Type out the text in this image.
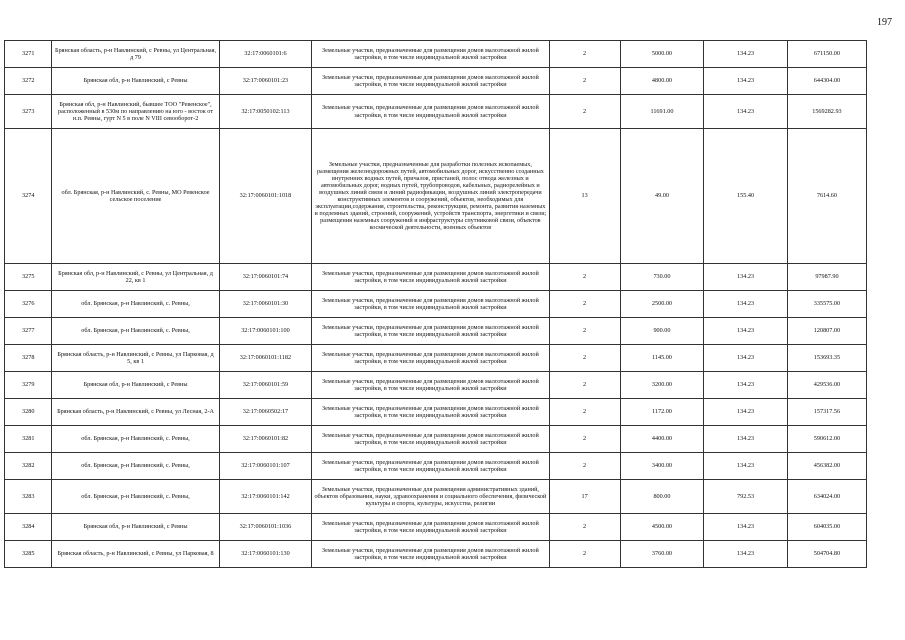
197
3271	Брянская область, р-н Навлинский, с Ревны, ул Центральная, д 79	32:17:0060101:6	Земельные участки, предназначенные для размещения домов малоэтажной жилой застройки, в том числе индивидуальной жилой застройки	2	5000.00	134.23	671150.00
3272	Брянская обл, р-н Навлинский, с Ревны	32:17:0060101:23	Земельные участки, предназначенные для размещения домов малоэтажной жилой застройки, в том числе индивидуальной жилой застройки	2	4800.00	134.23	644304.00
3273	Брянская обл, р-н Навлинский, бывшее ТОО "Ревенское", расположенный в 530м по направлению на юго - восток от н.п. Ревны, гурт N 5 в поле N VIII севооборот-2	32:17:0050102:113	Земельные участки, предназначенные для размещения домов малоэтажной жилой застройки, в том числе индивидуальной жилой застройки	2	11691.00	134.23	1569282.93
3274	обл. Брянская, р-н Навлинский, с. Ревны, МО Ревенское сельское поселение	32:17:0060101:1018	Земельные участки, предназначенные для разработки полезных ископаемых, размещения железнодорожных путей, автомобильных дорог, искусственно созданных внутренних водных путей, причалов, пристаней, полос отвода железных и автомобильных дорог, водных путей, трубопроводов, кабельных, радиорелейных и воздушных линий связи и линий радиофикации, воздушных линий электропередачи конструктивных элементов и сооружений, объектов, необходимых для эксплуатации,содержания, строительства, реконструкции, ремонта, развития наземных и подземных зданий, строений, сооружений, устройств транспорта, энергетики и связи; размещения наземных сооружений и инфраструктуры спутниковой связи, объектов космической деятельности, военных объектов	13	49.00	155.40	7614.60
3275	Брянская обл, р-н Навлинский, с Ревны, ул Центральная, д 22, кв 1	32:17:0060101:74	Земельные участки, предназначенные для размещения домов малоэтажной жилой застройки, в том числе индивидуальной жилой застройки	2	730.00	134.23	97987.90
3276	обл. Брянская, р-н Навлинский, с. Ревны,	32:17:0060101:30	Земельные участки, предназначенные для размещения домов малоэтажной жилой застройки, в том числе индивидуальной жилой застройки	2	2500.00	134.23	335575.00
3277	обл. Брянская, р-н Навлинский, с. Ревны,	32:17:0060101:100	Земельные участки, предназначенные для размещения домов малоэтажной жилой застройки, в том числе индивидуальной жилой застройки	2	900.00	134.23	120807.00
3278	Брянская область, р-н Навлинский, с Ревны, ул Парковая, д 5, кв 1	32:17:0060101:1182	Земельные участки, предназначенные для размещения домов малоэтажной жилой застройки, в том числе индивидуальной жилой застройки	2	1145.00	134.23	153693.35
3279	Брянская обл, р-н Навлинский, с Ревны	32:17:0060101:59	Земельные участки, предназначенные для размещения домов малоэтажной жилой застройки, в том числе индивидуальной жилой застройки	2	3200.00	134.23	429536.00
3280	Брянская область, р-н Навлинский, с Ревны, ул Лесная, 2-А	32:17:0060502:17	Земельные участки, предназначенные для размещения домов малоэтажной жилой застройки, в том числе индивидуальной жилой застройки	2	1172.00	134.23	157317.56
3281	обл. Брянская, р-н Навлинский, с. Ревны,	32:17:0060101:82	Земельные участки, предназначенные для размещения домов малоэтажной жилой застройки, в том числе индивидуальной жилой застройки	2	4400.00	134.23	590612.00
3282	обл. Брянская, р-н Навлинский, с. Ревны,	32:17:0060101:107	Земельные участки, предназначенные для размещения домов малоэтажной жилой застройки, в том числе индивидуальной жилой застройки	2	3400.00	134.23	456382.00
3283	обл. Брянская, р-н Навлинский, с. Ревны,	32:17:0060101:142	Земельные участки, предназначенные для размещения административных зданий, объектов образования, науки, здравоохранения и социального обеспечения, физической культуры и спорта, культуры, искусства, религии	17	800.00	792.53	634024.00
3284	Брянская обл, р-н Навлинский, с Ревны	32:17:0060101:1036	Земельные участки, предназначенные для размещения домов малоэтажной жилой застройки, в том числе индивидуальной жилой застройки	2	4500.00	134.23	604035.00
3285	Брянская область, р-н Навлинский, с Ревны, ул Парковая, 8	32:17:0060101:130	Земельные участки, предназначенные для размещения домов малоэтажной жилой застройки, в том числе индивидуальной жилой застройки	2	3760.00	134.23	504704.80
